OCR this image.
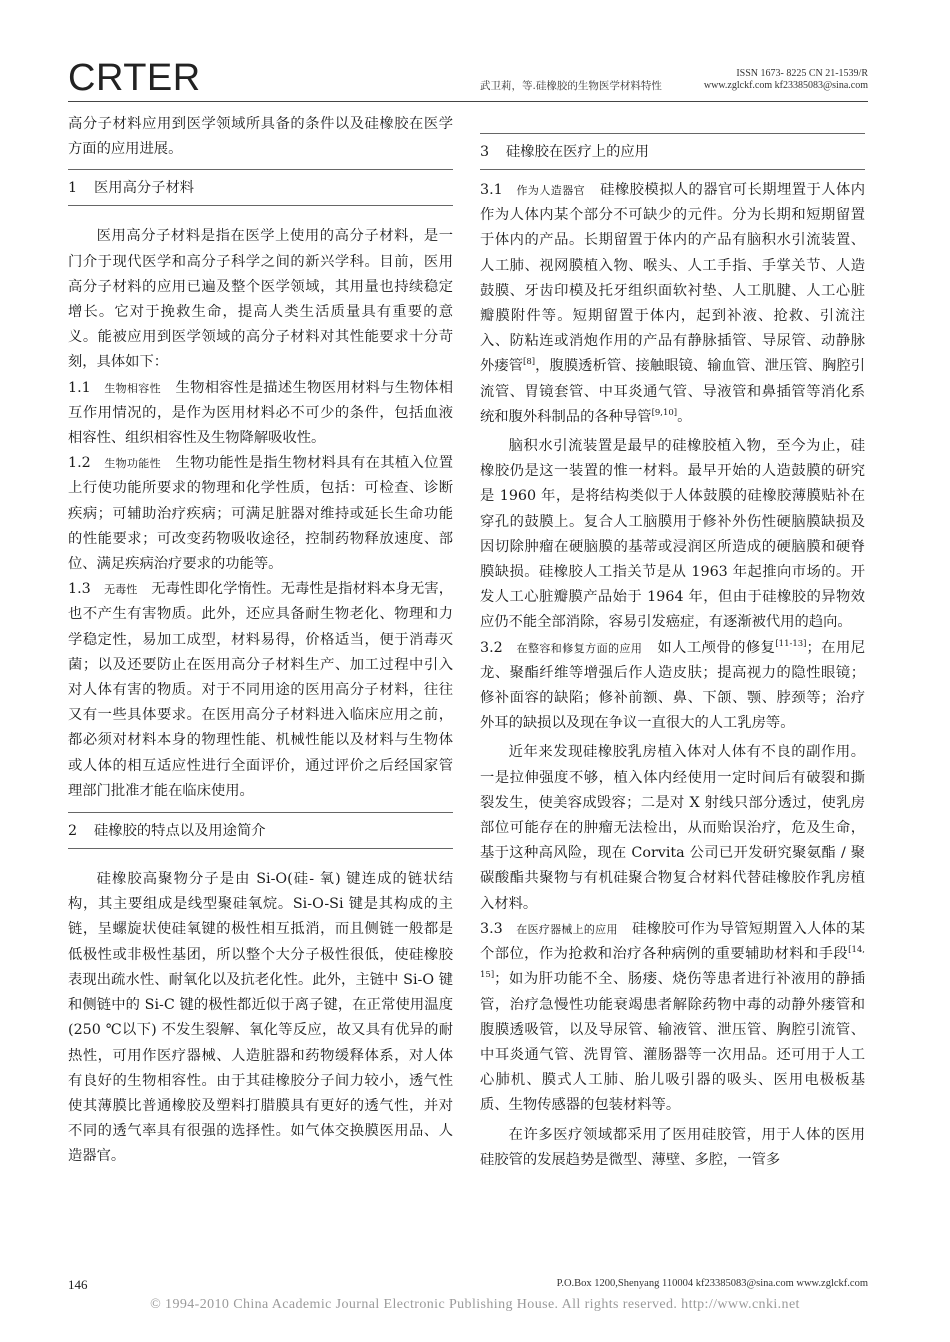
CRTER	武卫莉，等.硅橡胶的生物医学材料特性
ISSN 1673- 8225 CN 21-1539/R
www.zglckf.com kf23385083@sina.com

高分子材料应用到医学领域所具备的条件以及硅橡胶在医学方面的应用进展。

1 医用高分子材料

医用高分子材料是指在医学上使用的高分子材料，是一门介于现代医学和高分子科学之间的新兴学科。目前，医用高分子材料的应用已遍及整个医学领域，其用量也持续稳定增长。它对于挽救生命，提高人类生活质量具有重要的意义。能被应用到医学领域的高分子材料对其性能要求十分苛刻，具体如下：

1.1 生物相容性 生物相容性是描述生物医用材料与生物体相互作用情况的，是作为医用材料必不可少的条件，包括血液相容性、组织相容性及生物降解吸收性。

1.2 生物功能性 生物功能性是指生物材料具有在其植入位置上行使功能所要求的物理和化学性质，包括：可检查、诊断疾病；可辅助治疗疾病；可满足脏器对维持或延长生命功能的性能要求；可改变药物吸收途径，控制药物释放速度、部位、满足疾病治疗要求的功能等。

1.3 无毒性 无毒性即化学惰性。无毒性是指材料本身无害，也不产生有害物质。此外，还应具备耐生物老化、物理和力学稳定性，易加工成型，材料易得，价格适当，便于消毒灭菌；以及还要防止在医用高分子材料生产、加工过程中引入对人体有害的物质。对于不同用途的医用高分子材料，往往又有一些具体要求。在医用高分子材料进入临床应用之前，都必须对材料本身的物理性能、机械性能以及材料与生物体或人体的相互适应性进行全面评价，通过评价之后经国家管理部门批准才能在临床使用。

2 硅橡胶的特点以及用途简介

硅橡胶高聚物分子是由 Si-O(硅- 氧) 键连成的链状结构，其主要组成是线型聚硅氧烷。Si-O-Si 键是其构成的主链，呈螺旋状使硅氧键的极性相互抵消，而且侧链一般都是低极性或非极性基团，所以整个大分子极性很低，使硅橡胶表现出疏水性、耐氧化以及抗老化性。此外，主链中 Si-O 键和侧链中的 Si-C 键的极性都近似于离子键，在正常使用温度(250 ℃以下) 不发生裂解、氧化等反应，故又具有优异的耐热性，可用作医疗器械、人造脏器和药物缓释体系，对人体有良好的生物相容性。由于其硅橡胶分子间力较小，透气性使其薄膜比普通橡胶及塑料打腊膜具有更好的透气性，并对不同的透气率具有很强的选择性。如气体交换膜医用品、人造器官。

3 硅橡胶在医疗上的应用

3.1 作为人造器官 硅橡胶模拟人的器官可长期埋置于人体内作为人体内某个部分不可缺少的元件。分为长期和短期留置于体内的产品。长期留置于体内的产品有脑积水引流装置、人工肺、视网膜植入物、喉头、人工手指、手掌关节、人造鼓膜、牙齿印模及托牙组织面软衬垫、人工肌腱、人工心脏瓣膜附件等。短期留置于体内，起到补液、抢救、引流注入、防粘连或消炮作用的产品有静脉插管、导尿管、动静脉外瘘管[8]，腹膜透析管、接触眼镜、输血管、泄压管、胸腔引流管、胃镜套管、中耳炎通气管、导液管和鼻插管等消化系统和腹外科制品的各种导管[9,10]。

脑积水引流装置是最早的硅橡胶植入物，至今为止，硅橡胶仍是这一装置的惟一材料。最早开始的人造鼓膜的研究是 1960 年，是将结构类似于人体鼓膜的硅橡胶薄膜贴补在穿孔的鼓膜上。复合人工脑膜用于修补外伤性硬脑膜缺损及因切除肿瘤在硬脑膜的基蒂或浸润区所造成的硬脑膜和硬脊膜缺损。硅橡胶人工指关节是从 1963 年起推向市场的。开发人工心脏瓣膜产品始于 1964 年，但由于硅橡胶的异物效应仍不能全部消除，容易引发癌症，有逐渐被代用的趋向。

3.2 在整容和修复方面的应用 如人工颅骨的修复[11-13]；在用尼龙、聚酯纤维等增强后作人造皮肤；提高视力的隐性眼镜；修补面容的缺陷；修补前额、鼻、下颌、颚、脖颈等；治疗外耳的缺损以及现在争议一直很大的人工乳房等。

近年来发现硅橡胶乳房植入体对人体有不良的副作用。一是拉伸强度不够，植入体内经使用一定时间后有破裂和撕裂发生，使美容成毁容；二是对 X 射线只部分透过，使乳房部位可能存在的肿瘤无法检出，从而贻误治疗，危及生命，基于这种高风险，现在 Corvita 公司已开发研究聚氨酯 / 聚碳酸酯共聚物与有机硅聚合物复合材料代替硅橡胶作乳房植入材料。

3.3 在医疗器械上的应用 硅橡胶可作为导管短期置入人体的某个部位，作为抢救和治疗各种病例的重要辅助材料和手段[14, 15]；如为肝功能不全、肠瘘、烧伤等患者进行补液用的静插管，治疗急慢性功能衰竭患者解除药物中毒的动静外瘘管和腹膜透吸管，以及导尿管、输液管、泄压管、胸腔引流管、中耳炎通气管、洗胃管、灌肠器等一次用品。还可用于人工心肺机、膜式人工肺、胎儿吸引器的吸头、医用电极板基质、生物传感器的包装材料等。

在许多医疗领域都采用了医用硅胶管，用于人体的医用硅胶管的发展趋势是微型、薄壁、多腔，一管多

146	P.O.Box 1200,Shenyang 110004 kf23385083@sina.com www.zglckf.com
© 1994-2010 China Academic Journal Electronic Publishing House. All rights reserved. http://www.cnki.net
